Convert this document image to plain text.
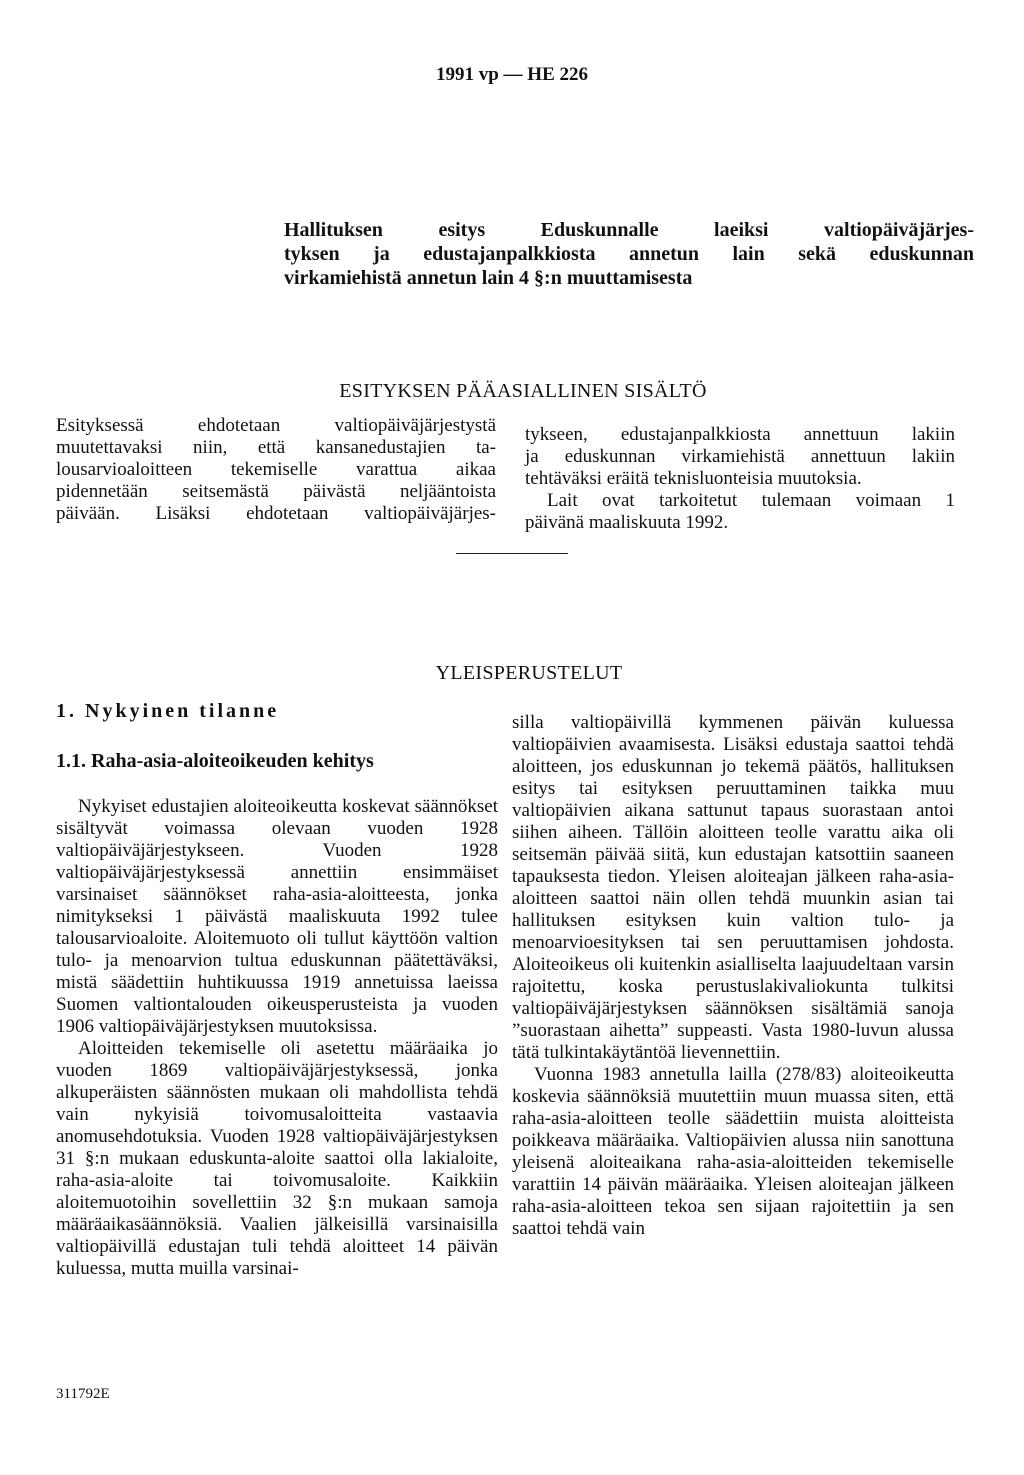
1991 vp — HE 226
Hallituksen esitys Eduskunnalle laeiksi valtiopäiväjärjes-
tyksen ja edustajanpalkkiosta annetun lain sekä eduskunnan
virkamiehistä annetun lain 4 §:n muuttamisesta
ESITYKSEN PÄÄASIALLINEN SISÄLTÖ
Esityksessä ehdotetaan valtiopäiväjärjestystä
muutettavaksi niin, että kansanedustajien ta-
lousarvioaloitteen tekemiselle varattua aikaa
pidennetään seitsemästä päivästä neljääntoista
päivään. Lisäksi ehdotetaan valtiopäiväjärjes-
tykseen, edustajanpalkkiosta annettuun lakiin
ja eduskunnan virkamiehistä annettuun lakiin
tehtäväksi eräitä teknisluonteisia muutoksia.
Lait ovat tarkoitetut tulemaan voimaan 1
päivänä maaliskuuta 1992.
YLEISPERUSTELUT
1. Nykyinen tilanne
1.1. Raha-asia-aloiteoikeuden kehitys

Nykyiset edustajien aloiteoikeutta koskevat säännökset sisältyvät voimassa olevaan vuoden 1928 valtiopäiväjärjestykseen. Vuoden 1928 valtiopäiväjärjestyksessä annettiin ensimmäiset varsinaiset säännökset raha-asia-aloitteesta, jonka nimitykseksi 1 päivästä maaliskuuta 1992 tulee talousarvioaloite. Aloitemuoto oli tullut käyttöön valtion tulo- ja menoarvion tultua eduskunnan päätettäväksi, mistä säädettiin huhtikuussa 1919 annetuissa laeissa Suomen valtiontalouden oikeusperusteista ja vuoden 1906 valtiopäiväjärjestyksen muutoksissa.

Aloitteiden tekemiselle oli asetettu määräaika jo vuoden 1869 valtiopäiväjärjestyksessä, jonka alkuperäisten säännösten mukaan oli mahdollista tehdä vain nykyisiä toivomusaloitteita vastaavia anomusehdotuksia. Vuoden 1928 valtiopäiväjärjestyksen 31 §:n mukaan eduskunta-aloite saattoi olla lakialoite, raha-asia-aloite tai toivomusaloite. Kaikkiin aloitemuotoihin sovellettiin 32 §:n mukaan samoja määräaikasäännöksiä. Vaalien jälkeisillä varsinaisilla valtiopäivillä edustajan tuli tehdä aloitteet 14 päivän kuluessa, mutta muilla varsinai-

silla valtiopäivillä kymmenen päivän kuluessa valtiopäivien avaamisesta. Lisäksi edustaja saattoi tehdä aloitteen, jos eduskunnan jo tekemä päätös, hallituksen esitys tai esityksen peruuttaminen taikka muu valtiopäivien aikana sattunut tapaus suorastaan antoi siihen aiheen. Tällöin aloitteen teolle varattu aika oli seitsemän päivää siitä, kun edustajan katsottiin saaneen tapauksesta tiedon. Yleisen aloiteajan jälkeen raha-asia-aloitteen saattoi näin ollen tehdä muunkin asian tai hallituksen esityksen kuin valtion tulo- ja menoarvioesityksen tai sen peruuttamisen johdosta. Aloiteoikeus oli kuitenkin asialliselta laajuudeltaan varsin rajoitettu, koska perustuslakivaliokunta tulkitsi valtiopäiväjärjestyksen säännöksen sisältämiä sanoja ”suorastaan aihetta” suppeasti. Vasta 1980-luvun alussa tätä tulkintakäytäntöä lievennettiin.

Vuonna 1983 annetulla lailla (278/83) aloiteoikeutta koskevia säännöksiä muutettiin muun muassa siten, että raha-asia-aloitteen teolle säädettiin muista aloitteista poikkeava määräaika. Valtiopäivien alussa niin sanottuna yleisenä aloiteaikana raha-asia-aloitteiden tekemiselle varattiin 14 päivän määräaika. Yleisen aloiteajan jälkeen raha-asia-aloitteen tekoa sen sijaan rajoitettiin ja sen saattoi tehdä vain

311792E
